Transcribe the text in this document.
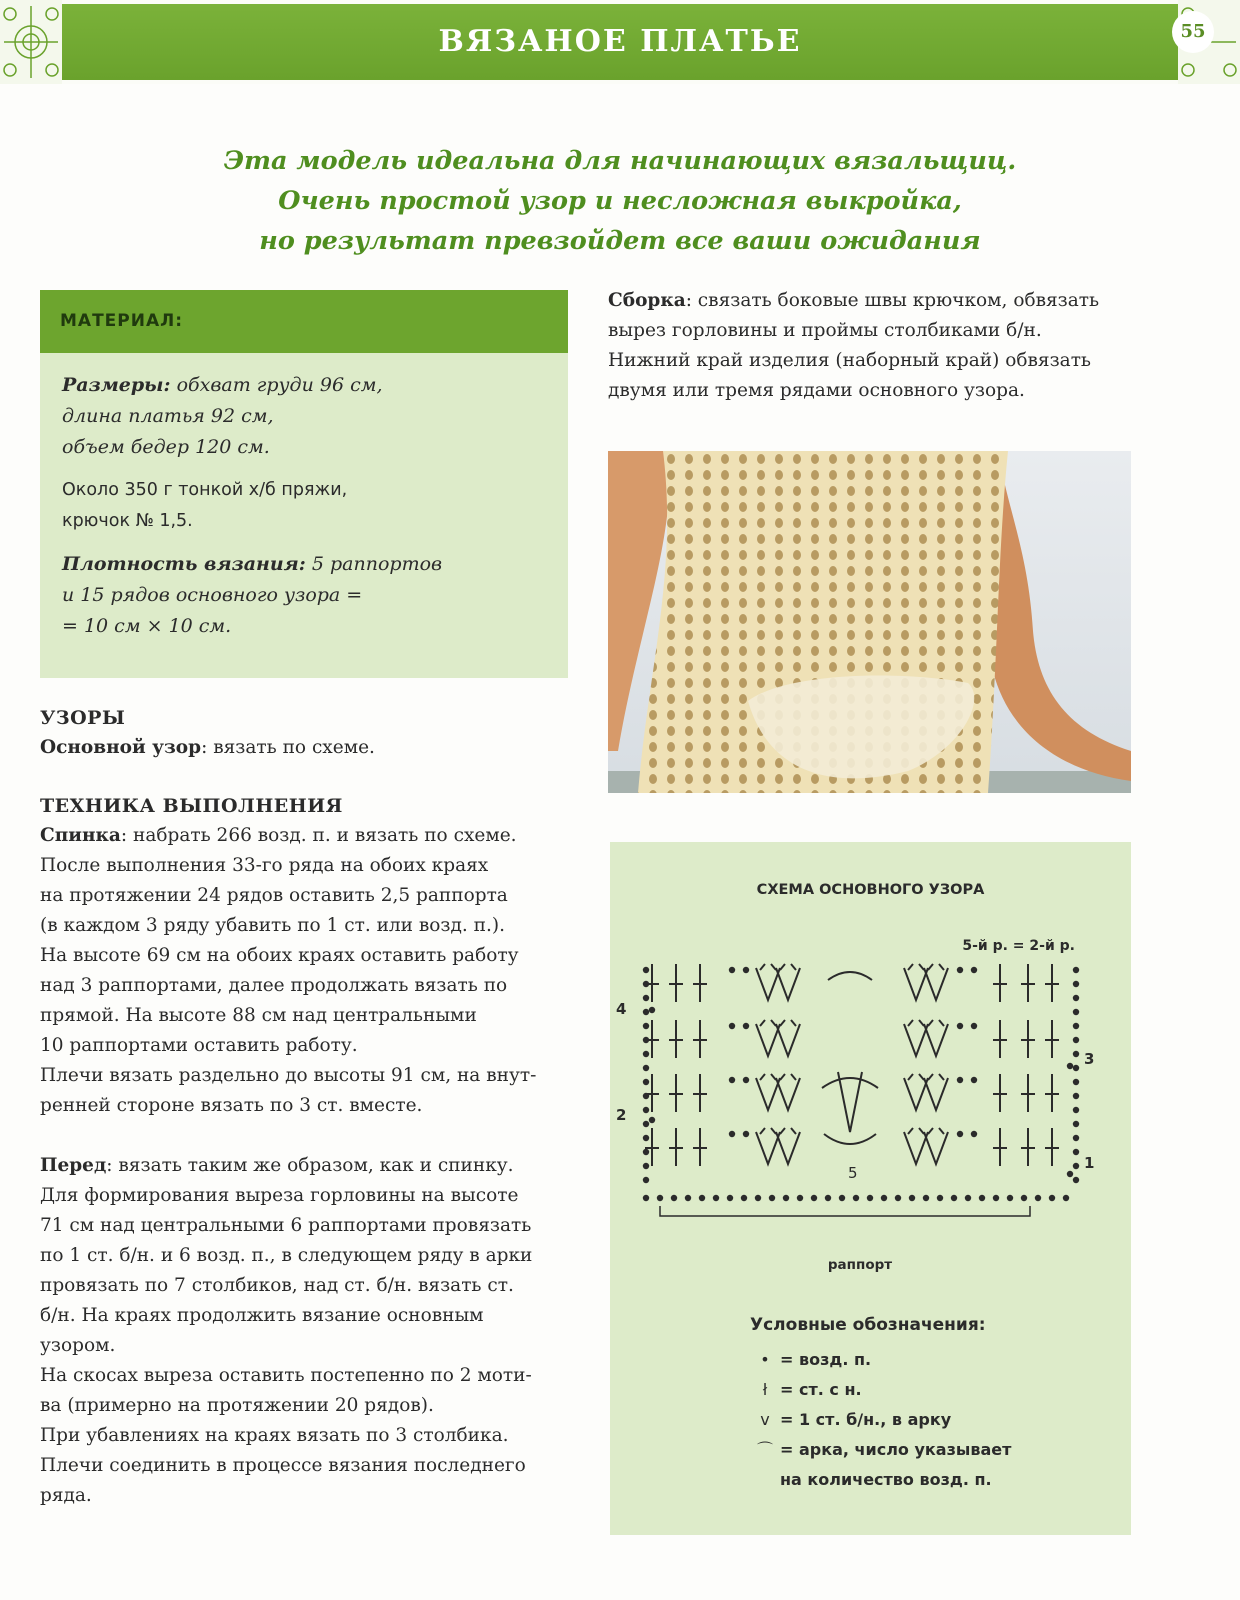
ВЯЗАНОЕ ПЛАТЬЕ	55
Эта модель идеальна для начинающих вязальщиц.
Очень простой узор и несложная выкройка,
но результат превзойдет все ваши ожидания
МАТЕРИАЛ:

Размеры: обхват груди 96 см,
длина платья 92 см,
объем бедер 120 см.

Около 350 г тонкой х/б пряжи,
крючок № 1,5.

Плотность вязания: 5 раппортов
и 15 рядов основного узора =
= 10 см × 10 см.

УЗОРЫ

Основной узор: вязать по схеме.

ТЕХНИКА ВЫПОЛНЕНИЯ

Спинка: набрать 266 возд. п. и вязать по схеме.

После выполнения 33-го ряда на обоих краях

на протяжении 24 рядов оставить 2,5 раппорта

(в каждом 3 ряду убавить по 1 ст. или возд. п.).

На высоте 69 см на обоих краях оставить работу

над 3 раппортами, далее продолжать вязать по

прямой. На высоте 88 см над центральными

10 раппортами оставить работу.

Плечи вязать раздельно до высоты 91 см, на внут-

ренней стороне вязать по 3 ст. вместе.

Перед: вязать таким же образом, как и спинку.

Для формирования выреза горловины на высоте

71 см над центральными 6 раппортами провязать

по 1 ст. б/н. и 6 возд. п., в следующем ряду в арки

провязать по 7 столбиков, над ст. б/н. вязать ст.

б/н. На краях продолжить вязание основным

узором.

На скосах выреза оставить постепенно по 2 моти-

ва (примерно на протяжении 20 рядов).

При убавлениях на краях вязать по 3 столбика.

Плечи соединить в процессе вязания последнего

ряда.

Сборка: связать боковые швы крючком, обвязать
вырез горловины и проймы столбиками б/н.
Нижний край изделия (наборный край) обвязать
двумя или тремя рядами основного узора.
СХЕМА ОСНОВНОГО УЗОРА
5-й р. = 2-й р.
4
3
2
1
5
раппорт
Условные обозначения:
• = возд. п.
ł = ст. с н.
v = 1 ст. б/н., в арку
⌒ = арка, число указывает
на количество возд. п.
